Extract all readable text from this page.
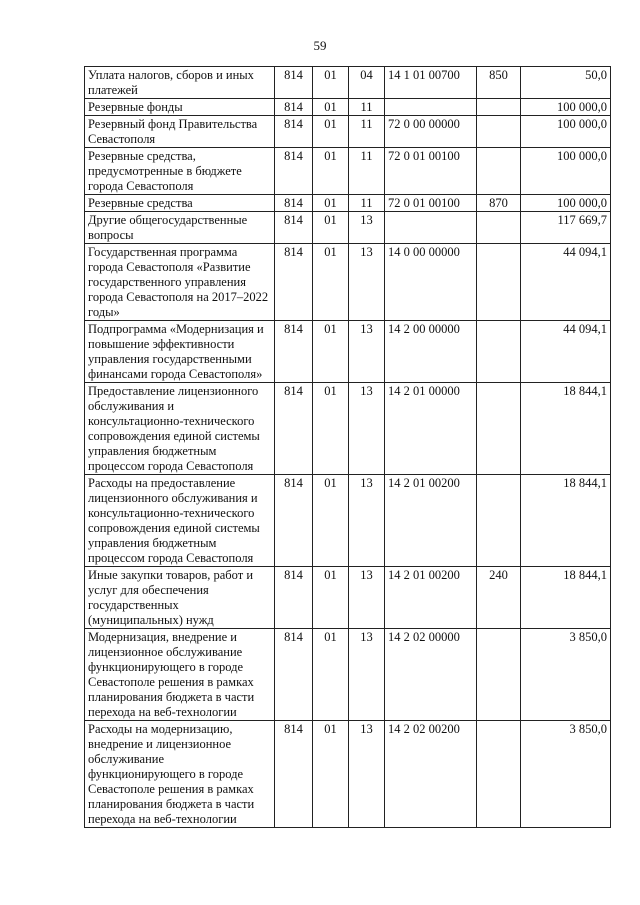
59
Уплата налогов, сборов и иных платежей	814	01	04	14 1 01 00700	850	50,0
Резервные фонды	814	01	11			100 000,0
Резервный фонд Правительства Севастополя	814	01	11	72 0 00 00000		100 000,0
Резервные средства, предусмотренные в бюджете города Севастополя	814	01	11	72 0 01 00100		100 000,0
Резервные средства	814	01	11	72 0 01 00100	870	100 000,0
Другие общегосударственные вопросы	814	01	13			117 669,7
Государственная программа города Севастополя «Развитие государственного управления города Севастополя на 2017–2022 годы»	814	01	13	14 0 00 00000		44 094,1
Подпрограмма «Модернизация и повышение эффективности управления государственными финансами города Севастополя»	814	01	13	14 2 00 00000		44 094,1
Предоставление лицензионного обслуживания и консультационно-технического сопровождения единой системы управления бюджетным процессом города Севастополя	814	01	13	14 2 01 00000		18 844,1
Расходы на предоставление лицензионного обслуживания и консультационно-технического сопровождения единой системы управления бюджетным процессом города Севастополя	814	01	13	14 2 01 00200		18 844,1
Иные закупки товаров, работ и услуг для обеспечения государственных (муниципальных) нужд	814	01	13	14 2 01 00200	240	18 844,1
Модернизация, внедрение и лицензионное обслуживание функционирующего в городе Севастополе решения в рамках планирования бюджета в части перехода на веб-технологии	814	01	13	14 2 02 00000		3 850,0
Расходы на модернизацию, внедрение и лицензионное обслуживание функционирующего в городе Севастополе решения в рамках планирования бюджета в части перехода на веб-технологии	814	01	13	14 2 02 00200		3 850,0
